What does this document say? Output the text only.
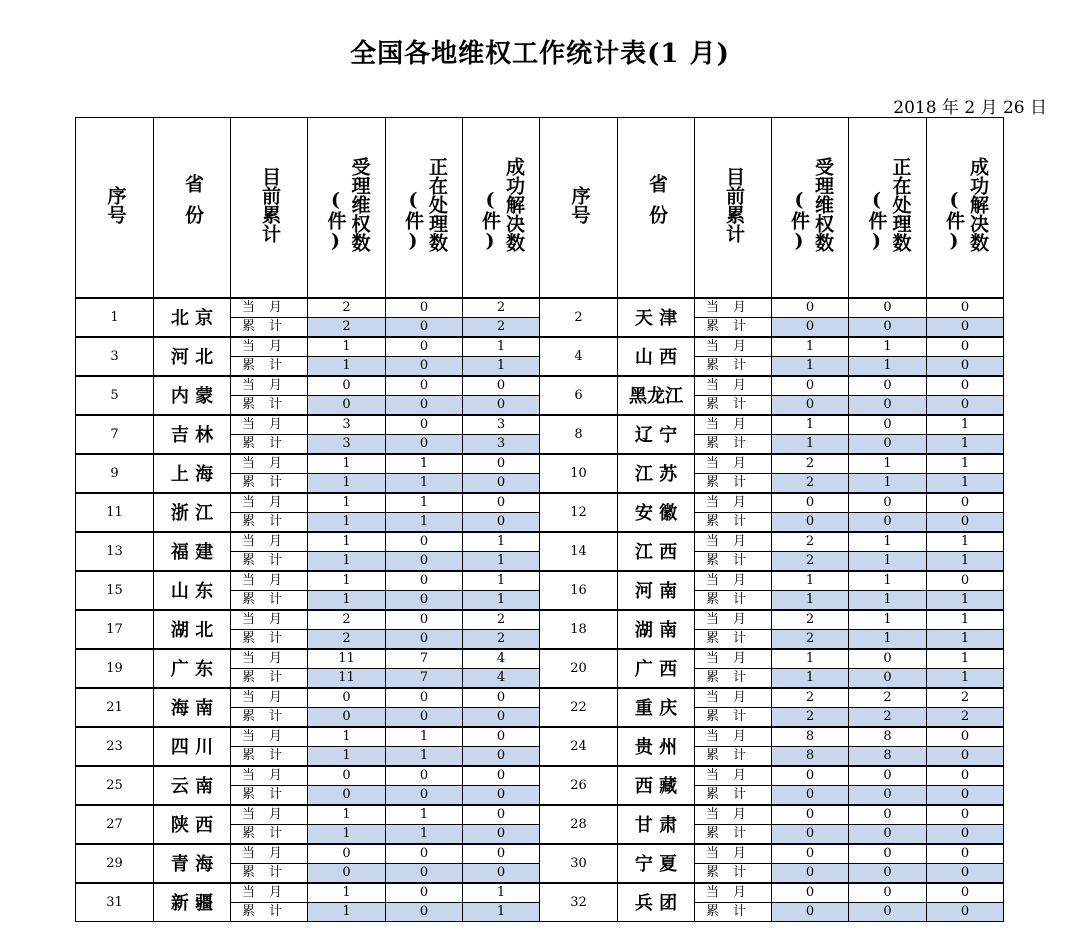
全国各地维权工作统计表(1 月)
2018 年 2 月 26 日
序号	省份	目前累计	(件) 受理维权数	(件) 正在处理数	(件) 成功解决数	序号	省份	目前累计	(件) 受理维权数	(件) 正在处理数	(件) 成功解决数
1	北 京	当月	2	0	2	2	天 津	当月	0	0	0
		累计	2	0	2			累计	0	0	0
3	河 北	当月	1	0	1	4	山 西	当月	1	1	0
		累计	1	0	1			累计	1	1	0
5	内 蒙	当月	0	0	0	6	黑龙江	当月	0	0	0
		累计	0	0	0			累计	0	0	0
7	吉 林	当月	3	0	3	8	辽 宁	当月	1	0	1
		累计	3	0	3			累计	1	0	1
9	上 海	当月	1	1	0	10	江 苏	当月	2	1	1
		累计	1	1	0			累计	2	1	1
11	浙 江	当月	1	1	0	12	安 徽	当月	0	0	0
		累计	1	1	0			累计	0	0	0
13	福 建	当月	1	0	1	14	江 西	当月	2	1	1
		累计	1	0	1			累计	2	1	1
15	山 东	当月	1	0	1	16	河 南	当月	1	1	0
		累计	1	0	1			累计	1	1	1
17	湖 北	当月	2	0	2	18	湖 南	当月	2	1	1
		累计	2	0	2			累计	2	1	1
19	广 东	当月	11	7	4	20	广 西	当月	1	0	1
		累计	11	7	4			累计	1	0	1
21	海 南	当月	0	0	0	22	重 庆	当月	2	2	2
		累计	0	0	0			累计	2	2	2
23	四 川	当月	1	1	0	24	贵 州	当月	8	8	0
		累计	1	1	0			累计	8	8	0
25	云 南	当月	0	0	0	26	西 藏	当月	0	0	0
		累计	0	0	0			累计	0	0	0
27	陕 西	当月	1	1	0	28	甘 肃	当月	0	0	0
		累计	1	1	0			累计	0	0	0
29	青 海	当月	0	0	0	30	宁 夏	当月	0	0	0
		累计	0	0	0			累计	0	0	0
31	新 疆	当月	1	0	1	32	兵 团	当月	0	0	0
		累计	1	0	1			累计	0	0	0
